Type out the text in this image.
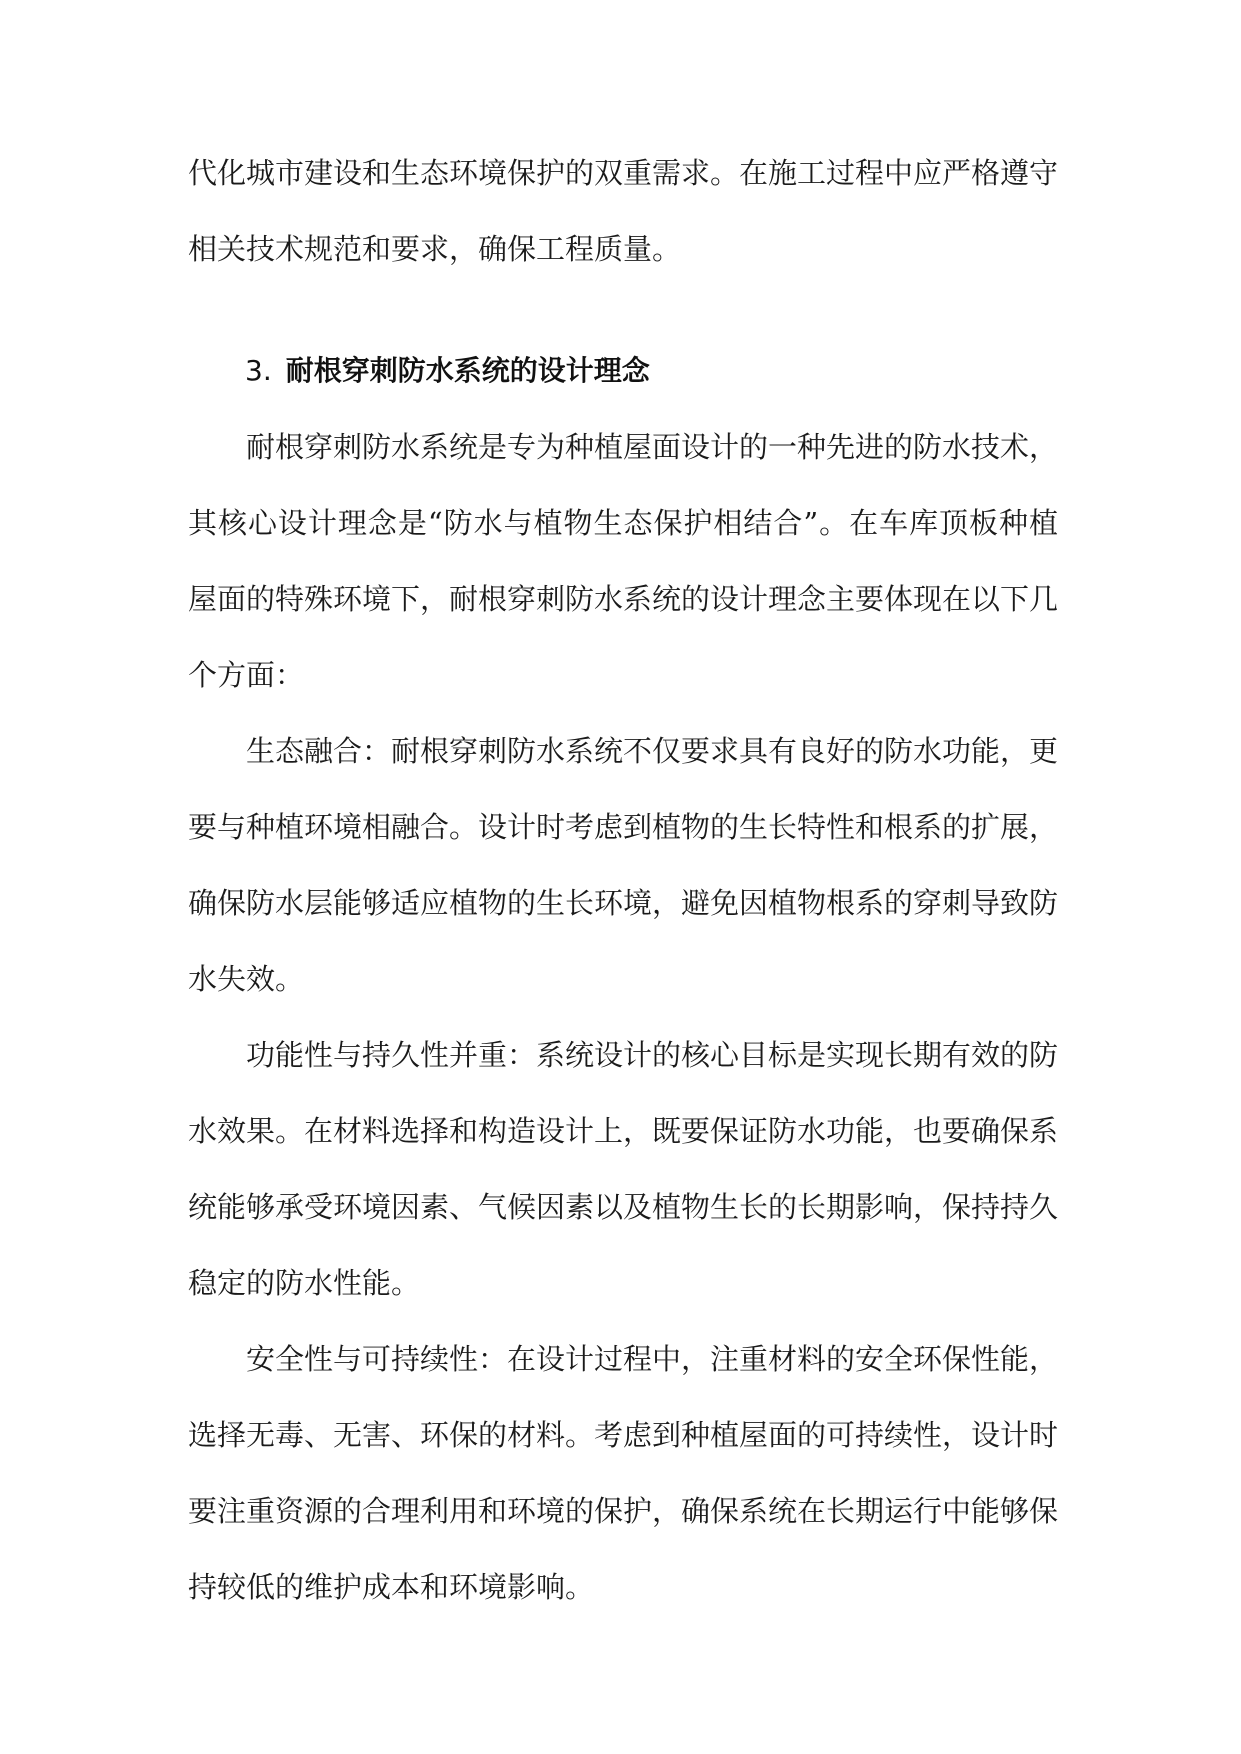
代化城市建设和生态环境保护的双重需求。在施工过程中应严格遵守相关技术规范和要求，确保工程质量。

3. 耐根穿刺防水系统的设计理念

耐根穿刺防水系统是专为种植屋面设计的一种先进的防水技术，其核心设计理念是“防水与植物生态保护相结合”。在车库顶板种植屋面的特殊环境下，耐根穿刺防水系统的设计理念主要体现在以下几个方面：

生态融合：耐根穿刺防水系统不仅要求具有良好的防水功能，更要与种植环境相融合。设计时考虑到植物的生长特性和根系的扩展，确保防水层能够适应植物的生长环境，避免因植物根系的穿刺导致防水失效。

功能性与持久性并重：系统设计的核心目标是实现长期有效的防水效果。在材料选择和构造设计上，既要保证防水功能，也要确保系统能够承受环境因素、气候因素以及植物生长的长期影响，保持持久稳定的防水性能。

安全性与可持续性：在设计过程中，注重材料的安全环保性能，选择无毒、无害、环保的材料。考虑到种植屋面的可持续性，设计时要注重资源的合理利用和环境的保护，确保系统在长期运行中能够保持较低的维护成本和环境影响。
